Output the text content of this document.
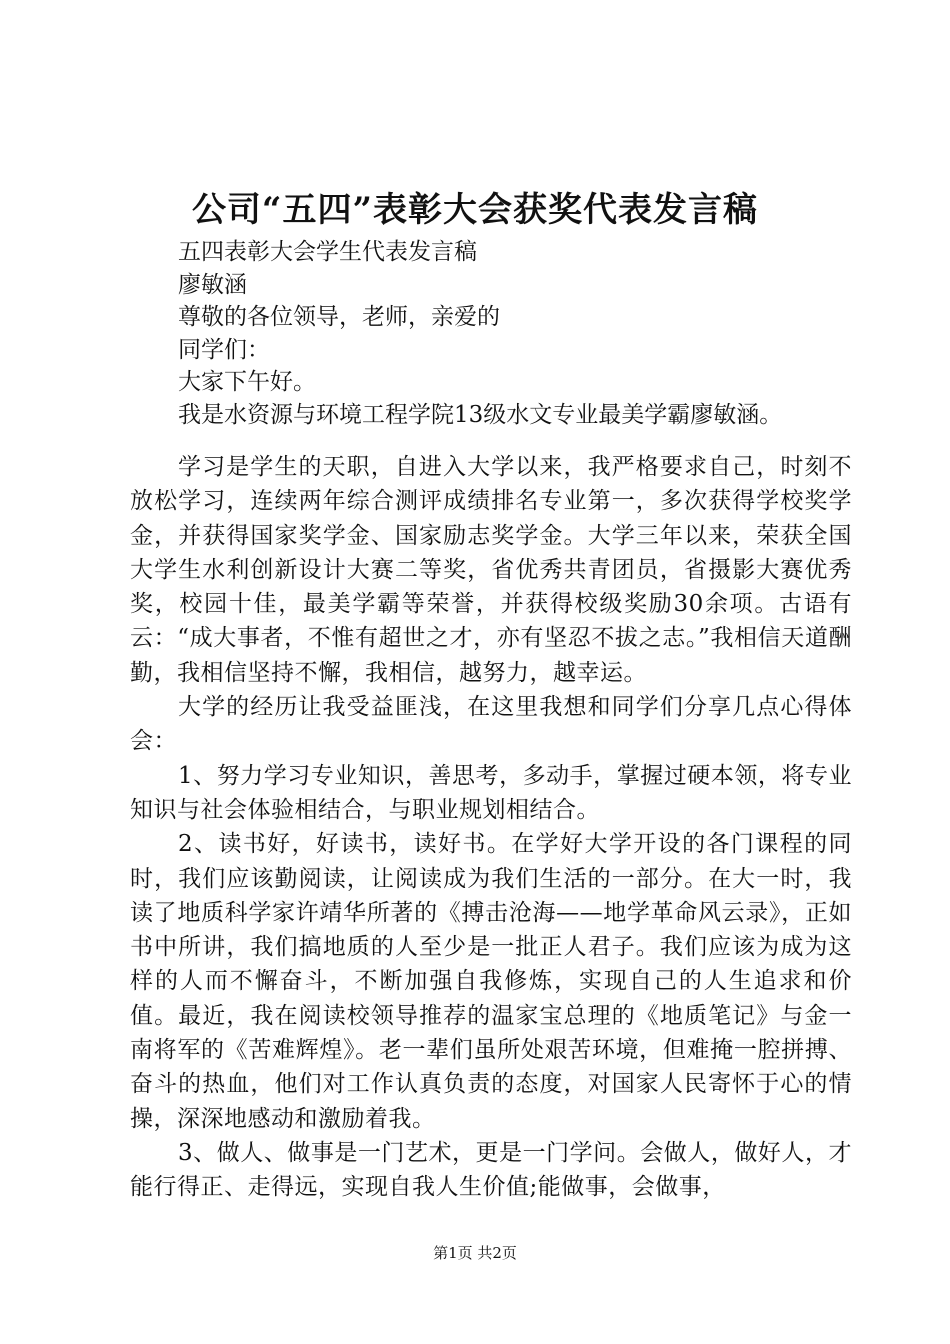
公司“五四”表彰大会获奖代表发言稿
五四表彰大会学生代表发言稿
廖敏涵
尊敬的各位领导，老师，亲爱的
同学们：
大家下午好。
我是水资源与环境工程学院13级水文专业最美学霸廖敏涵。

学习是学生的天职，自进入大学以来，我严格要求自己，时刻不放松学习，连续两年综合测评成绩排名专业第一，多次获得学校奖学金，并获得国家奖学金、国家励志奖学金。大学三年以来，荣获全国大学生水利创新设计大赛二等奖，省优秀共青团员，省摄影大赛优秀奖，校园十佳，最美学霸等荣誉，并获得校级奖励30余项。古语有云：“成大事者，不惟有超世之才，亦有坚忍不拔之志。”我相信天道酬勤，我相信坚持不懈，我相信，越努力，越幸运。

大学的经历让我受益匪浅，在这里我想和同学们分享几点心得体会：

1、努力学习专业知识，善思考，多动手，掌握过硬本领，将专业知识与社会体验相结合，与职业规划相结合。

2、读书好，好读书，读好书。在学好大学开设的各门课程的同时，我们应该勤阅读，让阅读成为我们生活的一部分。在大一时，我读了地质科学家许靖华所著的《搏击沧海——地学革命风云录》，正如书中所讲，我们搞地质的人至少是一批正人君子。我们应该为成为这样的人而不懈奋斗，不断加强自我修炼，实现自己的人生追求和价值。最近，我在阅读校领导推荐的温家宝总理的《地质笔记》与金一南将军的《苦难辉煌》。老一辈们虽所处艰苦环境，但难掩一腔拼搏、奋斗的热血，他们对工作认真负责的态度，对国家人民寄怀于心的情操，深深地感动和激励着我。

3、做人、做事是一门艺术，更是一门学问。会做人，做好人，才能行得正、走得远，实现自我人生价值;能做事，会做事，

第1页 共2页
